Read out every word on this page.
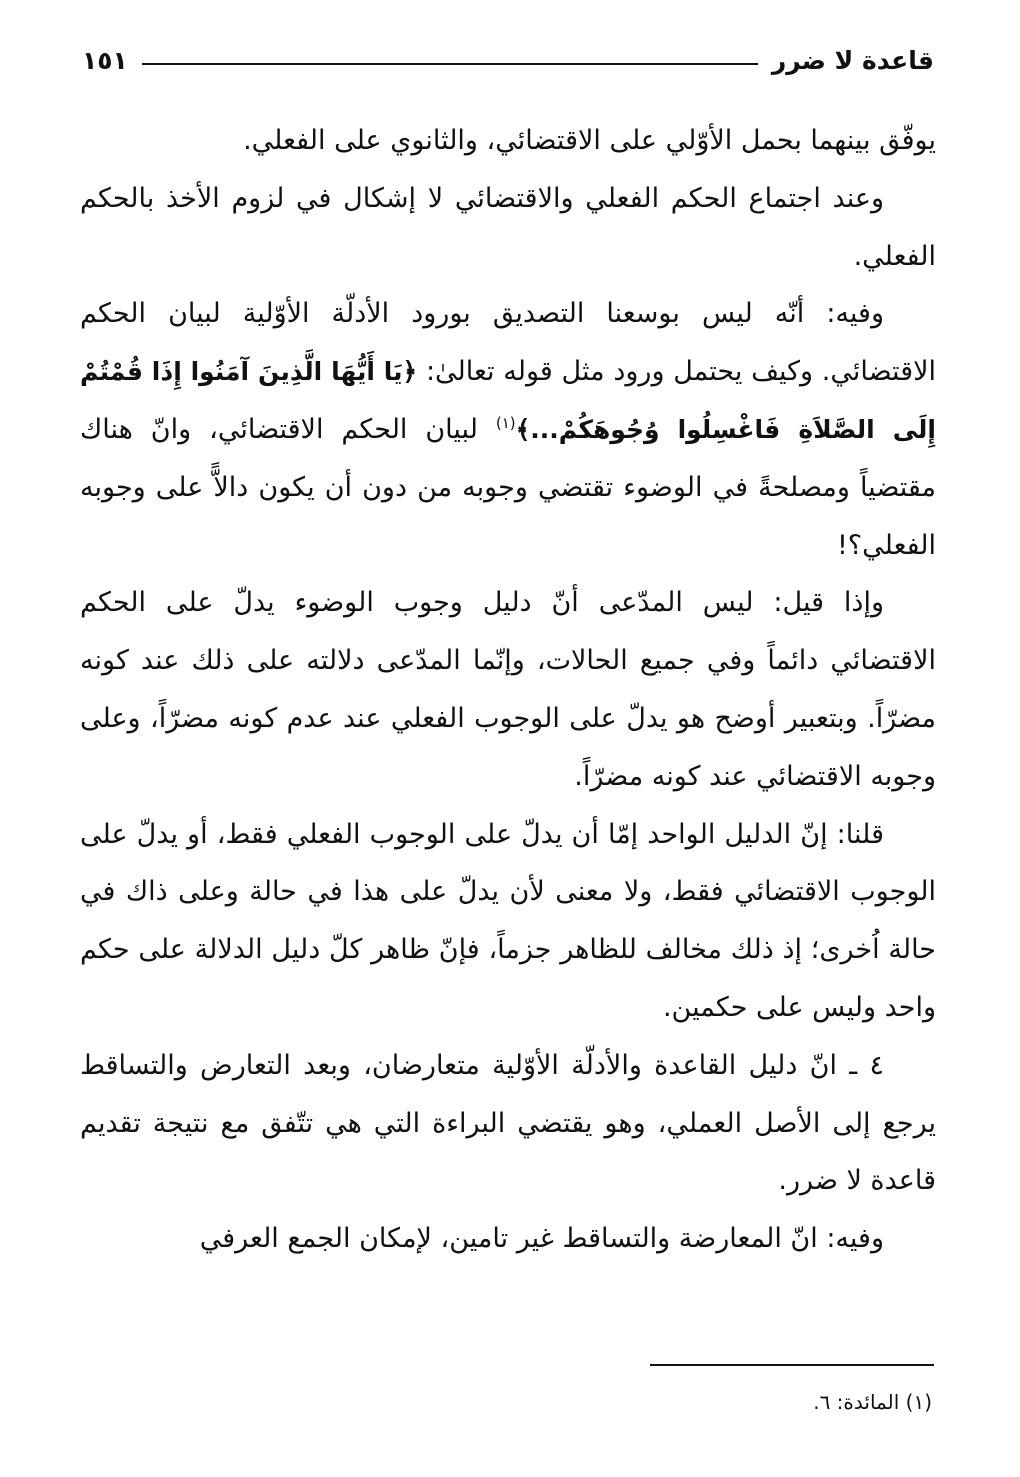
قاعدة لا ضرر
١٥١

يوفّق بينهما بحمل الأوّلي على الاقتضائي، والثانوي على الفعلي.

وعند اجتماع الحكم الفعلي والاقتضائي لا إشكال في لزوم الأخذ بالحكم الفعلي.

وفيه: أنّه ليس بوسعنا التصديق بورود الأدلّة الأوّلية لبيان الحكم الاقتضائي. وكيف يحتمل ورود مثل قوله تعالىٰ: ﴿يَا أَيُّهَا الَّذِينَ آمَنُوا إِذَا قُمْتُمْ إِلَى الصَّلاَةِ فَاغْسِلُوا وُجُوهَكُمْ...﴾$^{(١)}$ لبيان الحكم الاقتضائي، وانّ هناك مقتضياً ومصلحةً في الوضوء تقتضي وجوبه من دون أن يكون دالاًّ على وجوبه الفعلي؟!

وإذا قيل: ليس المدّعى أنّ دليل وجوب الوضوء يدلّ على الحكم الاقتضائي دائماً وفي جميع الحالات، وإنّما المدّعى دلالته على ذلك عند كونه مضرّاً. وبتعبير أوضح هو يدلّ على الوجوب الفعلي عند عدم كونه مضرّاً، وعلى وجوبه الاقتضائي عند كونه مضرّاً.

قلنا: إنّ الدليل الواحد إمّا أن يدلّ على الوجوب الفعلي فقط، أو يدلّ على الوجوب الاقتضائي فقط، ولا معنى لأن يدلّ على هذا في حالة وعلى ذاك في حالة اُخرى؛ إذ ذلك مخالف للظاهر جزماً، فإنّ ظاهر كلّ دليل الدلالة على حكم واحد وليس على حكمين.

٤ ـ انّ دليل القاعدة والأدلّة الأوّلية متعارضان، وبعد التعارض والتساقط يرجع إلى الأصل العملي، وهو يقتضي البراءة التي هي تتّفق مع نتيجة تقديم قاعدة لا ضرر.

وفيه: انّ المعارضة والتساقط غير تامين، لإمكان الجمع العرفي

(١) المائدة: ٦.
